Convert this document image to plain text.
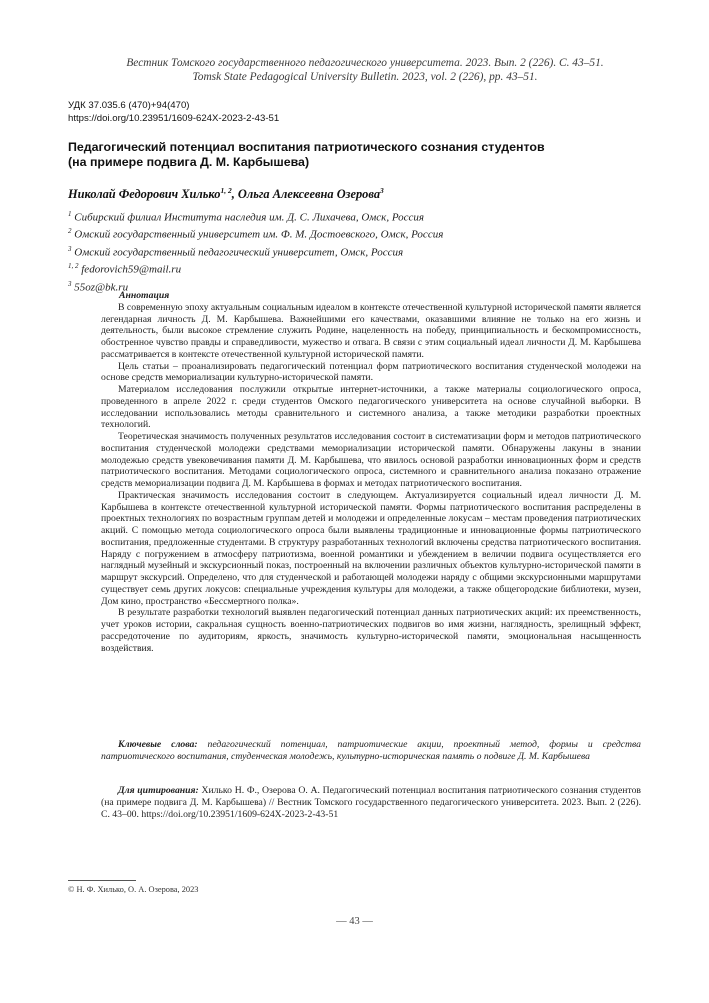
Вестник Томского государственного педагогического университета. 2023. Вып. 2 (226). С. 43–51.
Tomsk State Pedagogical University Bulletin. 2023, vol. 2 (226), pp. 43–51.
УДК 37.035.6 (470)+94(470)
https://doi.org/10.23951/1609-624X-2023-2-43-51
Педагогический потенциал воспитания патриотического сознания студентов
(на примере подвига Д. М. Карбышева)
Николай Федорович Хилько$^{1, 2}$, Ольга Алексеевна Озерова$^3$
$^1$ Сибирский филиал Института наследия им. Д. С. Лихачева, Омск, Россия
$^2$ Омский государственный университет им. Ф. М. Достоевского, Омск, Россия
$^3$ Омский государственный педагогический университет, Омск, Россия
$^{1, 2}$ fedorovich59@mail.ru
$^3$ 55oz@bk.ru
Аннотация

В современную эпоху актуальным социальным идеалом в контексте отечественной культурной исторической памяти является легендарная личность Д. М. Карбышева. Важнейшими его качествами, оказавшими влияние не только на его жизнь и деятельность, были высокое стремление служить Родине, нацеленность на победу, принципиальность и бескомпромиссность, обостренное чувство правды и справедливости, мужество и отвага. В связи с этим социальный идеал личности Д. М. Карбышева рассматривается в контексте отечественной культурной исторической памяти.

Цель статьи – проанализировать педагогический потенциал форм патриотического воспитания студенческой молодежи на основе средств мемориализации культурно-исторической памяти.

Материалом исследования послужили открытые интернет-источники, а также материалы социологического опроса, проведенного в апреле 2022 г. среди студентов Омского педагогического университета на основе случайной выборки. В исследовании использовались методы сравнительного и системного анализа, а также методики разработки проектных технологий.

Теоретическая значимость полученных результатов исследования состоит в систематизации форм и методов патриотического воспитания студенческой молодежи средствами мемориализации исторической памяти. Обнаружены лакуны в знании молодежью средств увековечивания памяти Д. М. Карбышева, что явилось основой разработки инновационных форм и средств патриотического воспитания. Методами социологического опроса, системного и сравнительного анализа показано отражение средств мемориализации подвига Д. М. Карбышева в формах и методах патриотического воспитания.

Практическая значимость исследования состоит в следующем. Актуализируется социальный идеал личности Д. М. Карбышева в контексте отечественной культурной исторической памяти. Формы патриотического воспитания распределены в проектных технологиях по возрастным группам детей и молодежи и определенные локусам – местам проведения патриотических акций. С помощью метода социологического опроса были выявлены традиционные и инновационные формы патриотического воспитания, предложенные студентами. В структуру разработанных технологий включены средства патриотического воспитания. Наряду с погружением в атмосферу патриотизма, военной романтики и убеждением в величии подвига осуществляется его наглядный музейный и экскурсионный показ, построенный на включении различных объектов культурно-исторической памяти в маршрут экскурсий. Определено, что для студенческой и работающей молодежи наряду с общими экскурсионными маршрутами существует семь других локусов: специальные учреждения культуры для молодежи, а также общегородские библиотеки, музеи, Дом кино, пространство «Бессмертного полка».

В результате разработки технологий выявлен педагогический потенциал данных патриотических акций: их преемственность, учет уроков истории, сакральная сущность военно-патриотических подвигов во имя жизни, наглядность, зрелищный эффект, рассредоточение по аудиториям, яркость, значимость культурно-исторической памяти, эмоциональная насыщенность воздействия.

Ключевые слова: педагогический потенциал, патриотические акции, проектный метод, формы и средства патриотического воспитания, студенческая молодежь, культурно-историческая память о подвиге Д. М. Карбышева

Для цитирования: Хилько Н. Ф., Озерова О. А. Педагогический потенциал воспитания патриотического сознания студентов (на примере подвига Д. М. Карбышева) // Вестник Томского государственного педагогического университета. 2023. Вып. 2 (226). С. 43–00. https://doi.org/10.23951/1609-624X-2023-2-43-51

© Н. Ф. Хилько, О. А. Озерова, 2023
— 43 —
